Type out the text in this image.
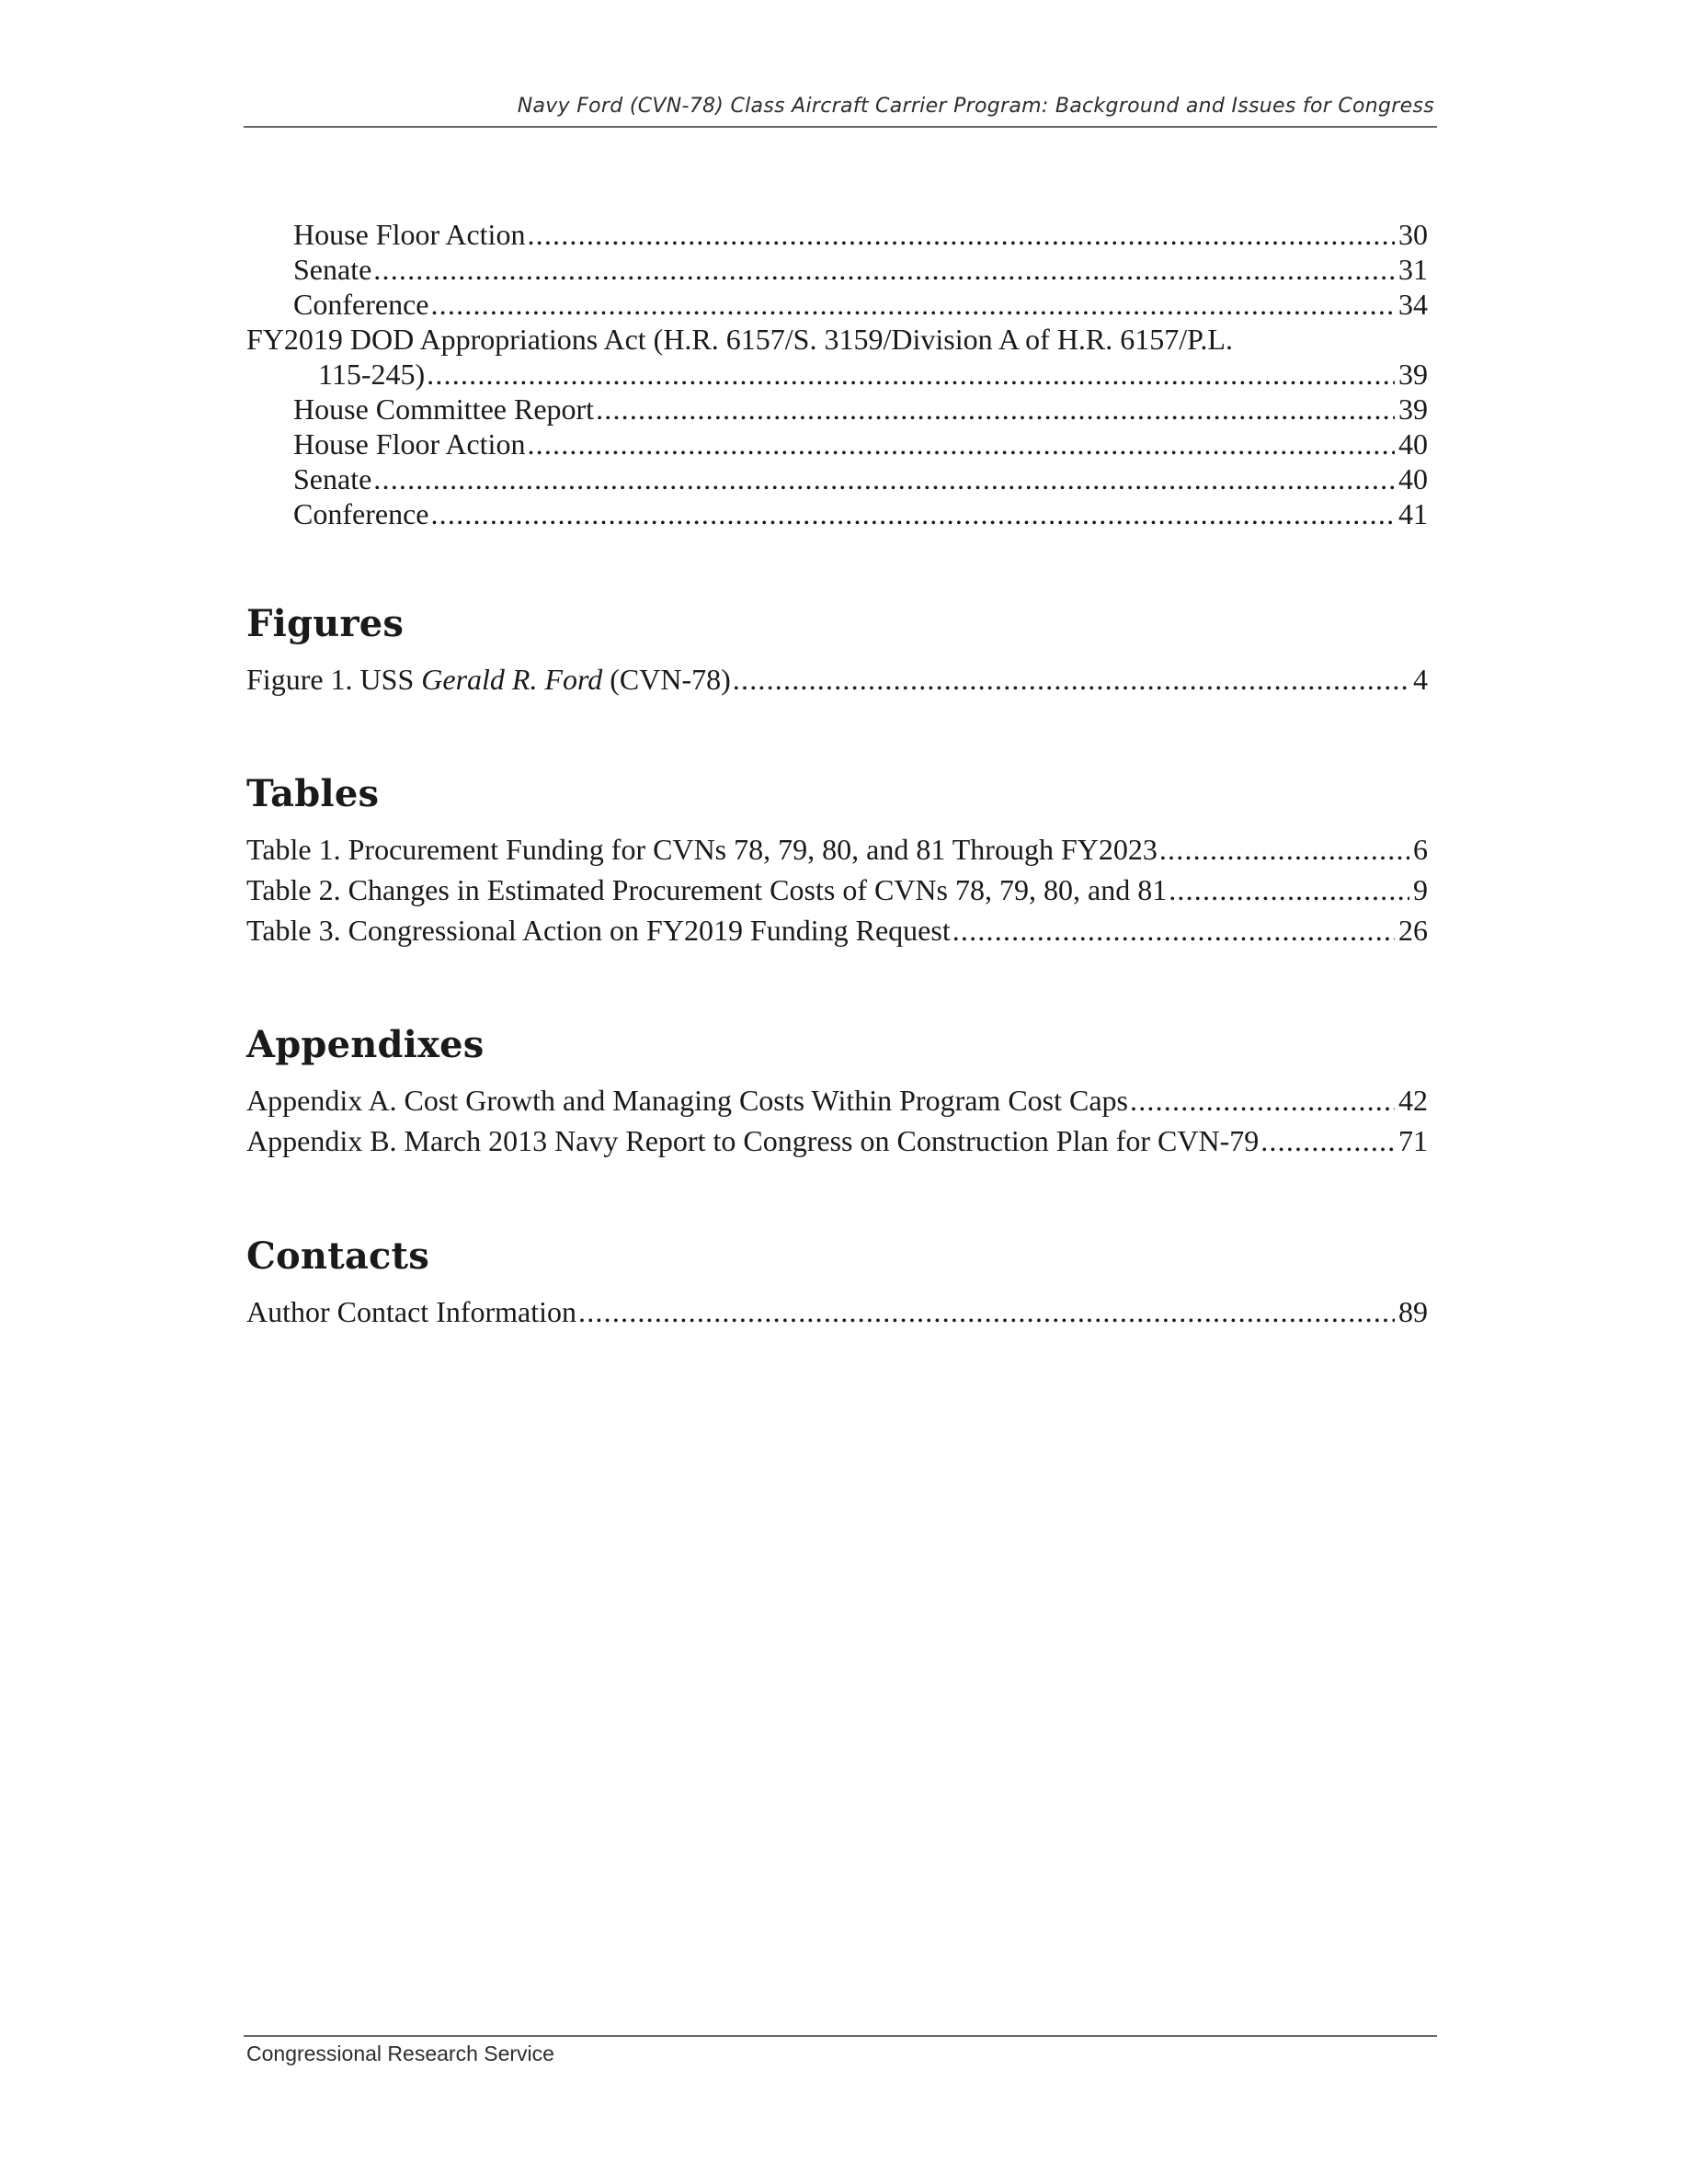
Navy Ford (CVN-78) Class Aircraft Carrier Program: Background and Issues for Congress
House Floor Action .....	30
Senate .....	31
Conference .....	34
FY2019 DOD Appropriations Act (H.R. 6157/S. 3159/Division A of H.R. 6157/P.L.
115-245) .....	39
House Committee Report .....	39
House Floor Action .....	40
Senate .....	40
Conference .....	41
Figures
Figure 1. USS Gerald R. Ford (CVN-78) .....	4
Tables
Table 1. Procurement Funding for CVNs 78, 79, 80, and 81 Through FY2023 .....	6
Table 2. Changes in Estimated Procurement Costs of CVNs 78, 79, 80, and 81 .....	9
Table 3. Congressional Action on FY2019 Funding Request .....	26
Appendixes
Appendix A. Cost Growth and Managing Costs Within Program Cost Caps .....	42
Appendix B. March 2013 Navy Report to Congress on Construction Plan for CVN-79 .....	71
Contacts
Author Contact Information .....	89
Congressional Research Service
